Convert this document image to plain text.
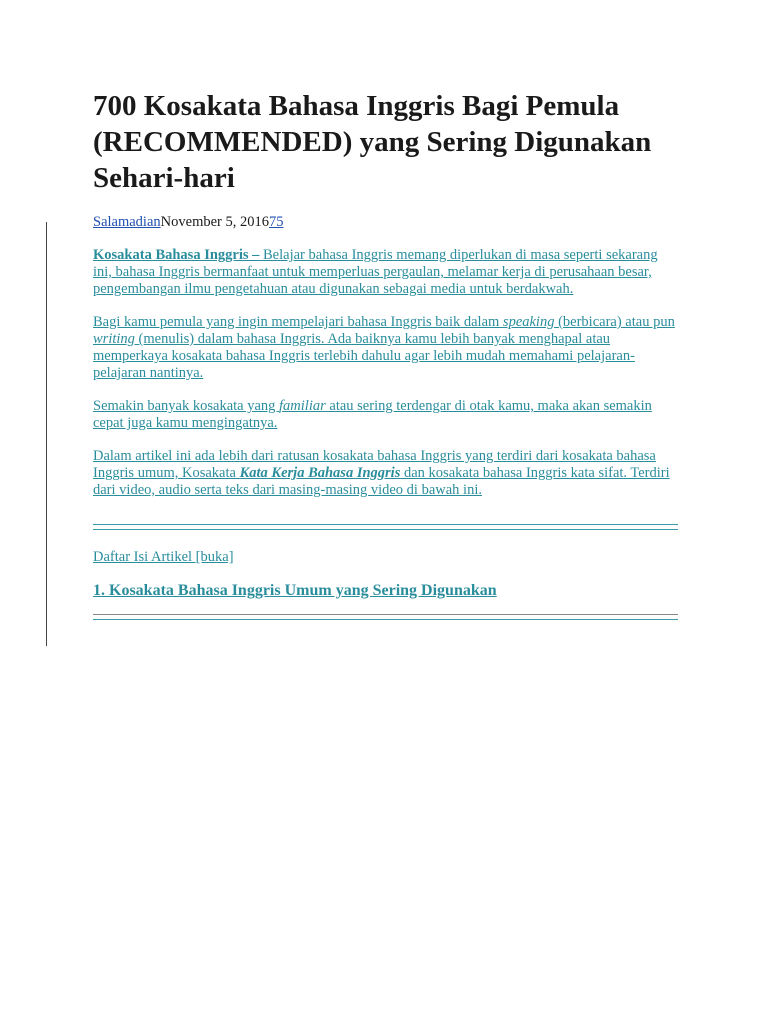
700 Kosakata Bahasa Inggris Bagi Pemula (RECOMMENDED) yang Sering Digunakan Sehari-hari
SalamadianNovember 5, 201675

Kosakata Bahasa Inggris – Belajar bahasa Inggris memang diperlukan di masa seperti sekarang ini, bahasa Inggris bermanfaat untuk memperluas pergaulan, melamar kerja di perusahaan besar, pengembangan ilmu pengetahuan atau digunakan sebagai media untuk berdakwah.

Bagi kamu pemula yang ingin mempelajari bahasa Inggris baik dalam speaking (berbicara) atau pun writing (menulis) dalam bahasa Inggris. Ada baiknya kamu lebih banyak menghapal atau memperkaya kosakata bahasa Inggris terlebih dahulu agar lebih mudah memahami pelajaran-pelajaran nantinya.

Semakin banyak kosakata yang familiar atau sering terdengar di otak kamu, maka akan semakin cepat juga kamu mengingatnya.

Dalam artikel ini ada lebih dari ratusan kosakata bahasa Inggris yang terdiri dari kosakata bahasa Inggris umum, Kosakata Kata Kerja Bahasa Inggris dan kosakata bahasa Inggris kata sifat. Terdiri dari video, audio serta teks dari masing-masing video di bawah ini.

Daftar Isi Artikel [buka]
1. Kosakata Bahasa Inggris Umum yang Sering Digunakan
